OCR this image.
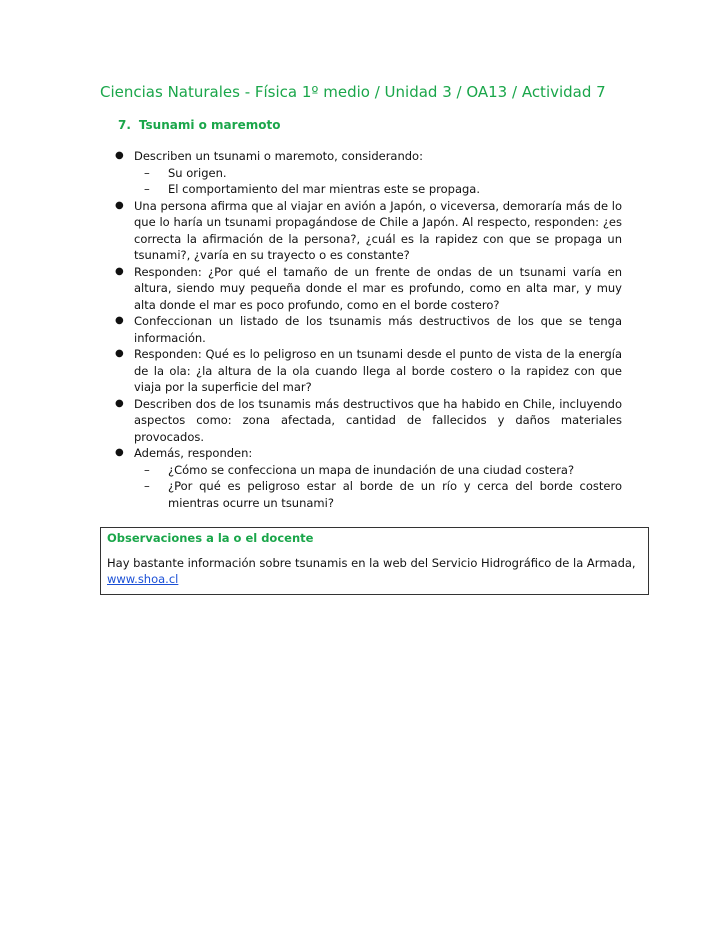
Ciencias Naturales - Física 1º medio / Unidad 3 / OA13 / Actividad 7
7. Tsunami o maremoto
● Describen un tsunami o maremoto, considerando:
– Su origen.
– El comportamiento del mar mientras este se propaga.
● Una persona afirma que al viajar en avión a Japón, o viceversa, demoraría más de lo que lo haría un tsunami propagándose de Chile a Japón. Al respecto, responden: ¿es correcta la afirmación de la persona?, ¿cuál es la rapidez con que se propaga un tsunami?, ¿varía en su trayecto o es constante?
● Responden: ¿Por qué el tamaño de un frente de ondas de un tsunami varía en altura, siendo muy pequeña donde el mar es profundo, como en alta mar, y muy alta donde el mar es poco profundo, como en el borde costero?
● Confeccionan un listado de los tsunamis más destructivos de los que se tenga información.
● Responden: Qué es lo peligroso en un tsunami desde el punto de vista de la energía de la ola: ¿la altura de la ola cuando llega al borde costero o la rapidez con que viaja por la superficie del mar?
● Describen dos de los tsunamis más destructivos que ha habido en Chile, incluyendo aspectos como: zona afectada, cantidad de fallecidos y daños materiales provocados.
● Además, responden:
– ¿Cómo se confecciona un mapa de inundación de una ciudad costera?
– ¿Por qué es peligroso estar al borde de un río y cerca del borde costero mientras ocurre un tsunami?
Observaciones a la o el docente
Hay bastante información sobre tsunamis en la web del Servicio Hidrográfico de la Armada,
www.shoa.cl
